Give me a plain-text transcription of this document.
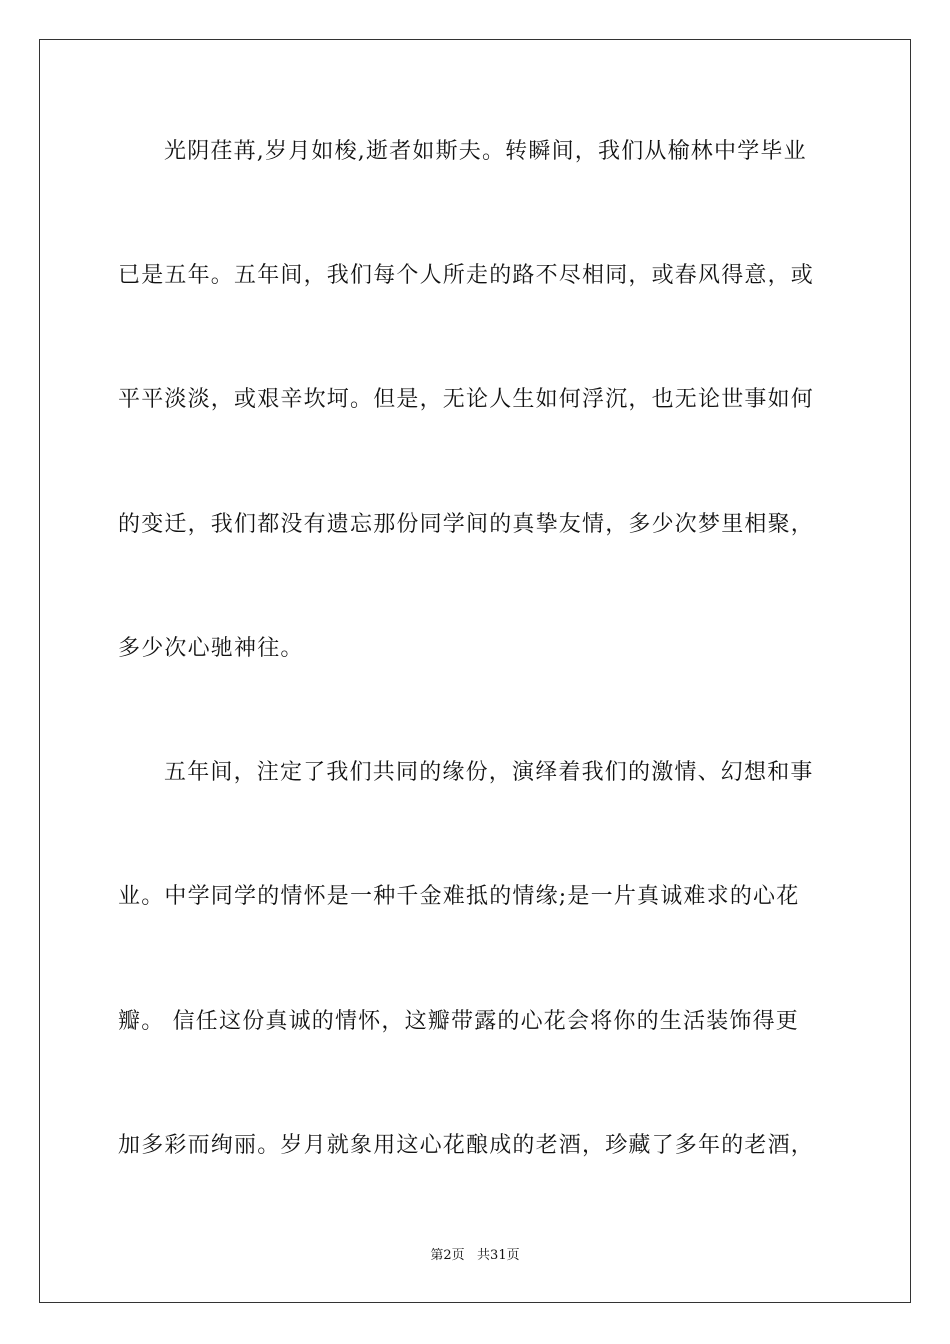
光阴荏苒,岁月如梭,逝者如斯夫。转瞬间，我们从榆林中学毕业
已是五年。五年间，我们每个人所走的路不尽相同，或春风得意，或
平平淡淡，或艰辛坎坷。但是，无论人生如何浮沉，也无论世事如何
的变迁，我们都没有遗忘那份同学间的真挚友情，多少次梦里相聚，
多少次心驰神往。
五年间，注定了我们共同的缘份，演绎着我们的激情、幻想和事
业。中学同学的情怀是一种千金难抵的情缘;是一片真诚难求的心花
瓣。 信任这份真诚的情怀，这瓣带露的心花会将你的生活装饰得更
加多彩而绚丽。岁月就象用这心花酿成的老酒，珍藏了多年的老酒，
第2页   共31页
